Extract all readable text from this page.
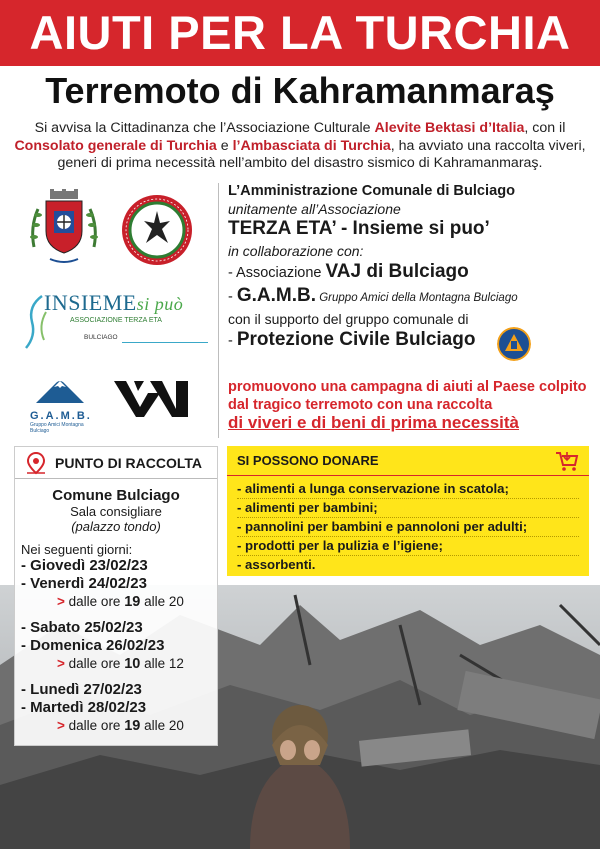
AIUTI PER LA TURCHIA
Terremoto di Kahramanmaraş
Si avvisa la Cittadinanza che l’Associazione Culturale Alevite Bektasi d’Italia, con il Consolato generale di Turchia e l’Ambasciata di Turchia, ha avviato una raccolta viveri, generi di prima necessità nell’ambito del disastro sismico di Kahramanmaraş.
INSIEMEsi può
ASSOCIAZIONE TERZA ETA
BULCIAGO
G.A.M.B.
Gruppo Amici Montagna Bulciago
L’Amministrazione Comunale di Bulciago
unitamente all’Associazione
TERZA ETA’ - Insieme si puo’
in collaborazione con:
- Associazione VAJ di Bulciago
- G.A.M.B. Gruppo Amici della Montagna Bulciago
con il supporto del gruppo comunale di
- Protezione Civile Bulciago
promuovono una campagna di aiuti al Paese colpito dal tragico terremoto con una raccolta
di viveri e di beni di prima necessità
PUNTO DI RACCOLTA
Comune Bulciago
Sala consigliare
(palazzo tondo)
Nei seguenti giorni:
- Giovedì 23/02/23
- Venerdì 24/02/23
> dalle ore 19 alle 20
- Sabato 25/02/23
- Domenica 26/02/23
> dalle ore 10 alle 12
- Lunedì 27/02/23
- Martedì 28/02/23
> dalle ore 19 alle 20
SI POSSONO DONARE
- alimenti a lunga conservazione in scatola;
- alimenti per bambini;
- pannolini per bambini e pannoloni per adulti;
- prodotti per la pulizia e l’igiene;
- assorbenti.
